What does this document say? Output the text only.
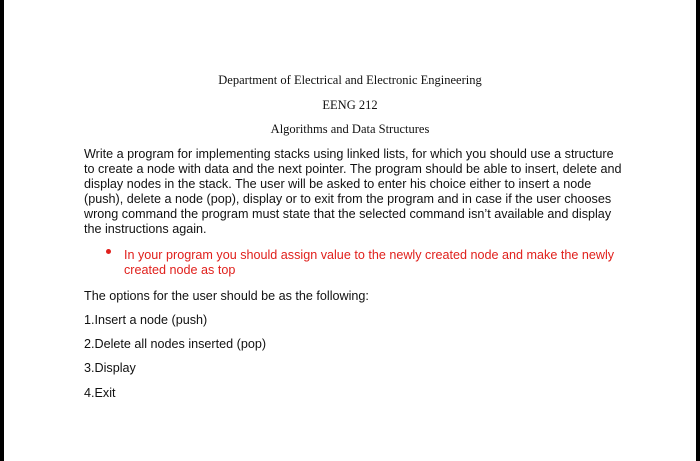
Department of Electrical and Electronic Engineering
EENG 212
Algorithms and Data Structures
Write a program for implementing stacks using linked lists, for which you should use a structure
to create a node with data and the next pointer. The program should be able to insert, delete and
display nodes in the stack. The user will be asked to enter his choice either to insert a node
(push), delete a node (pop), display or to exit from the program and in case if the user chooses
wrong command the program must state that the selected command isn’t available and display
the instructions again.
In your program you should assign value to the newly created node and make the newly
created node as top
The options for the user should be as the following:
1.Insert a node (push)
2.Delete all nodes inserted (pop)
3.Display
4.Exit
